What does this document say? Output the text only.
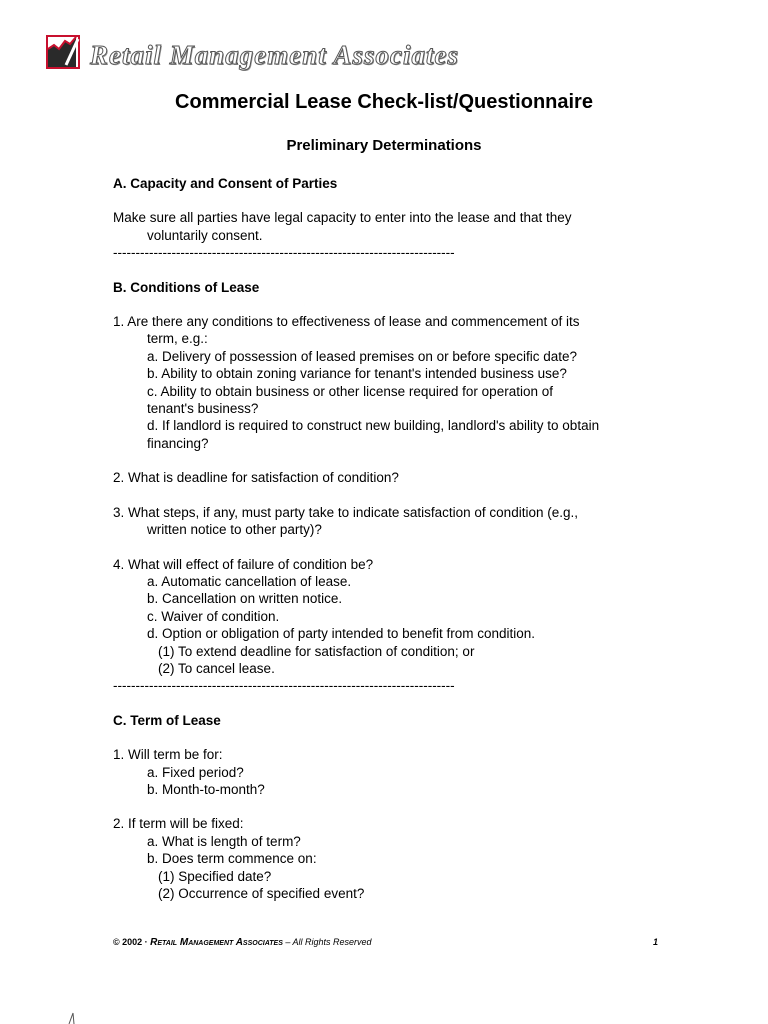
Retail Management Associates
Commercial Lease Check-list/Questionnaire
Preliminary Determinations
A. Capacity and Consent of Parties
Make sure all parties have legal capacity to enter into the lease and that they
voluntarily consent.
----------------------------------------------------------------------------
B. Conditions of Lease
1. Are there any conditions to effectiveness of lease and commencement of its
term, e.g.:
a. Delivery of possession of leased premises on or before specific date?
b. Ability to obtain zoning variance for tenant's intended business use?
c. Ability to obtain business or other license required for operation of
tenant's business?
d. If landlord is required to construct new building, landlord's ability to obtain
financing?
2. What is deadline for satisfaction of condition?
3. What steps, if any, must party take to indicate satisfaction of condition (e.g.,
written notice to other party)?
4. What will effect of failure of condition be?
a. Automatic cancellation of lease.
b. Cancellation on written notice.
c. Waiver of condition.
d. Option or obligation of party intended to benefit from condition.
(1) To extend deadline for satisfaction of condition; or
(2) To cancel lease.
----------------------------------------------------------------------------
C. Term of Lease
1. Will term be for:
a. Fixed period?
b. Month-to-month?
2. If term will be fixed:
a. What is length of term?
b. Does term commence on:
(1) Specified date?
(2) Occurrence of specified event?
© 2002 · Retail Management Associates – All Rights Reserved	1
